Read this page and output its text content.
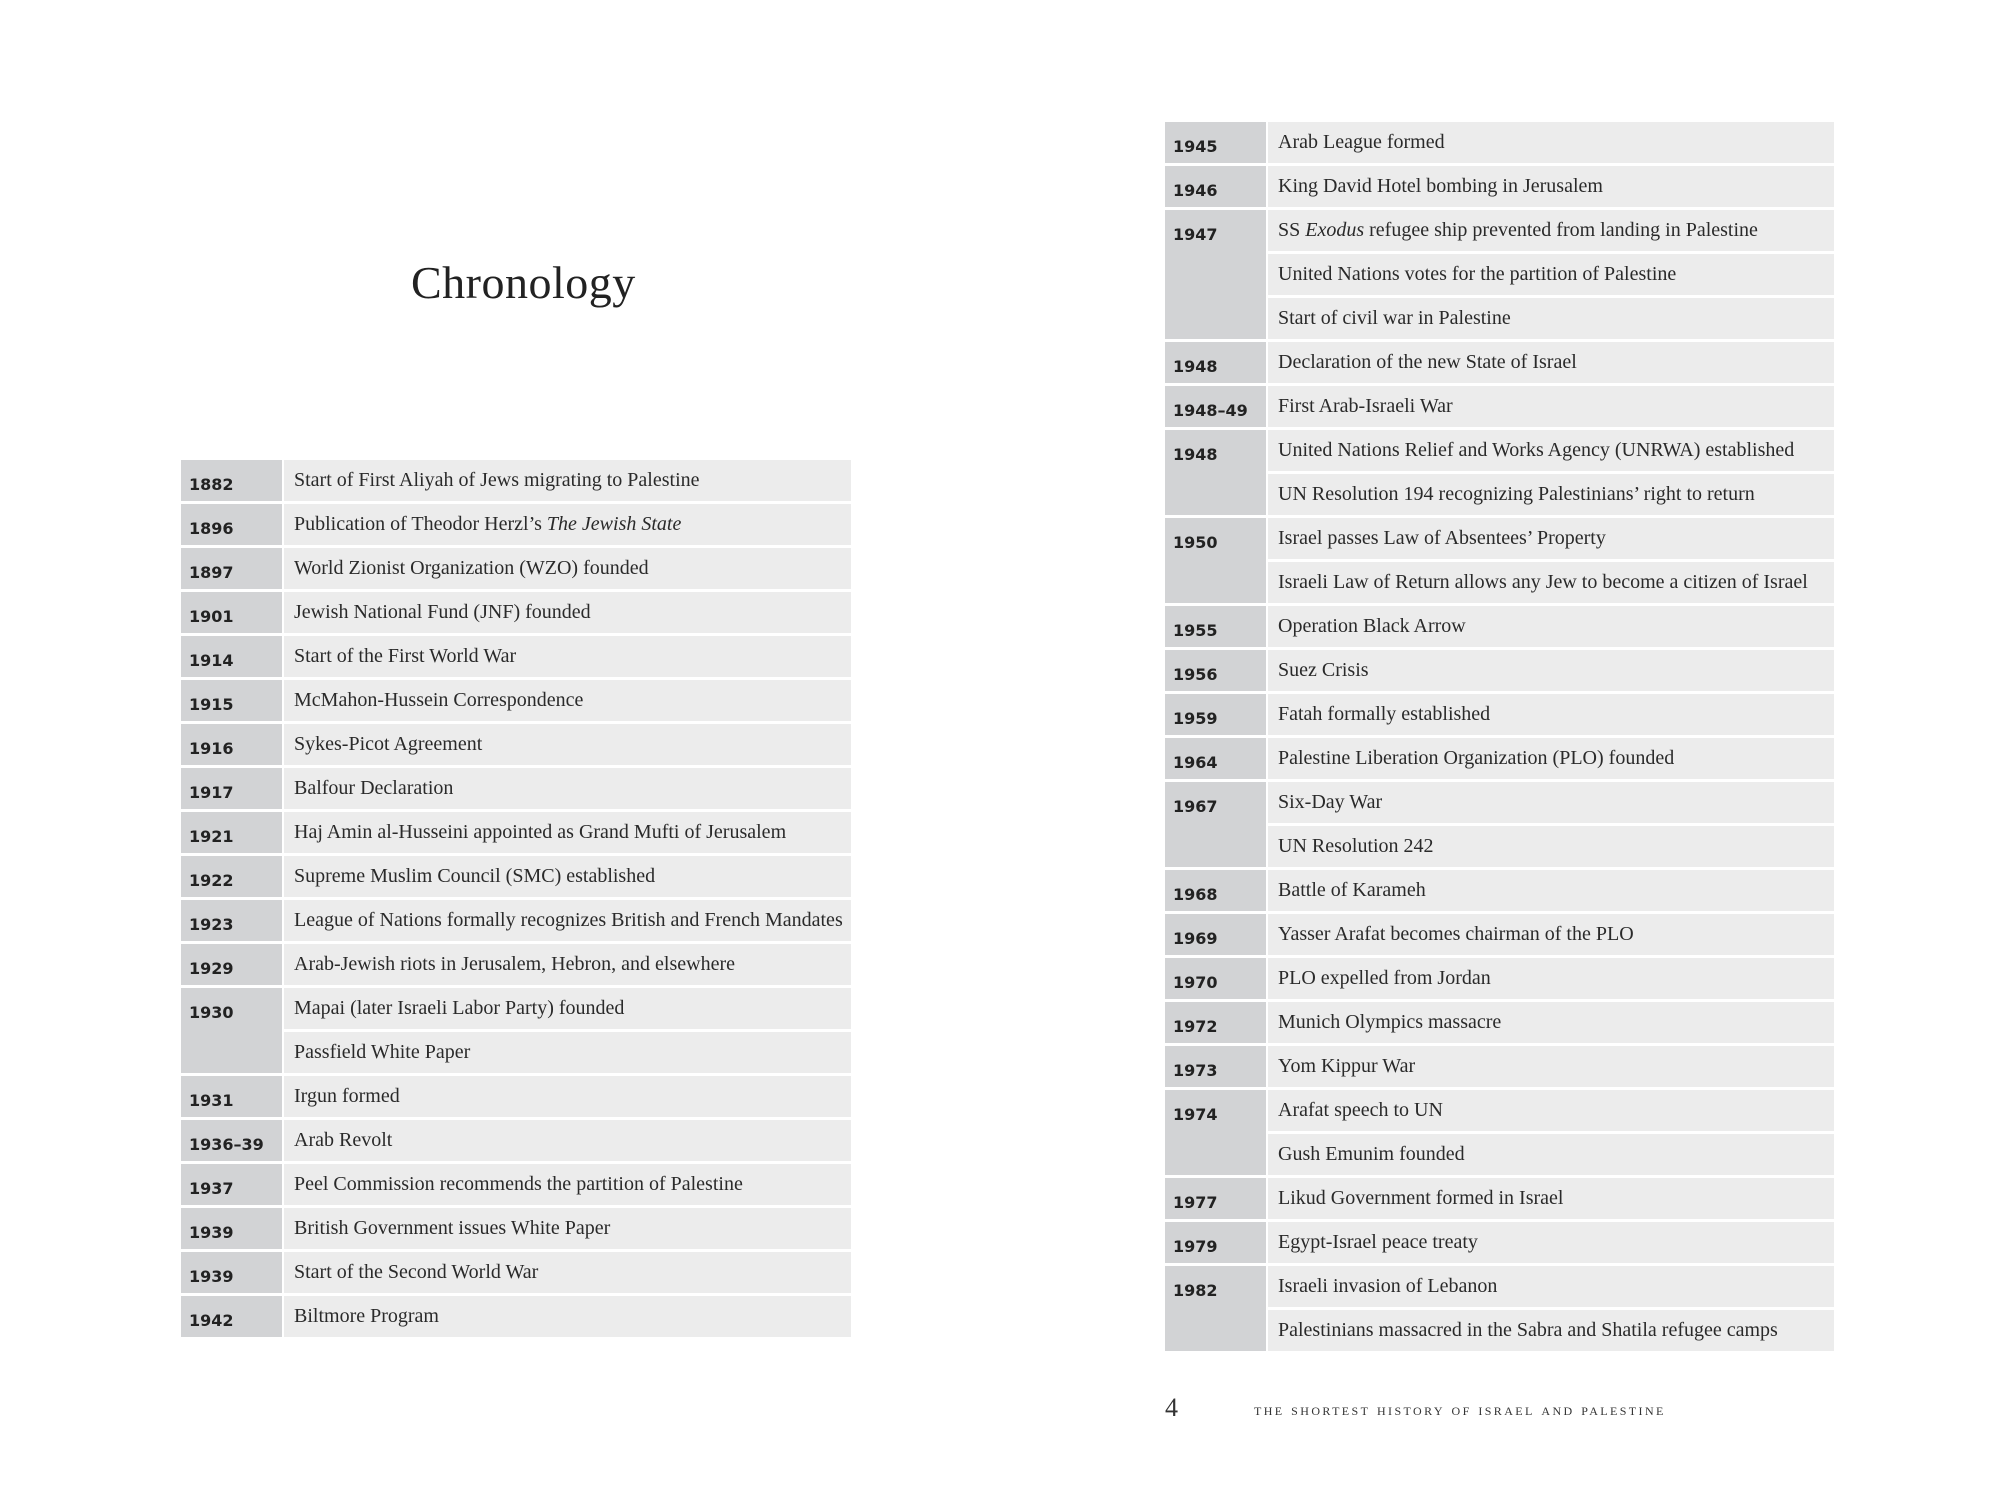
Chronology
1882	Start of First Aliyah of Jews migrating to Palestine
1896	Publication of Theodor Herzl’s The Jewish State
1897	World Zionist Organization (WZO) founded
1901	Jewish National Fund (JNF) founded
1914	Start of the First World War
1915	McMahon-Hussein Correspondence
1916	Sykes-Picot Agreement
1917	Balfour Declaration
1921	Haj Amin al-Husseini appointed as Grand Mufti of Jerusalem
1922	Supreme Muslim Council (SMC) established
1923	League of Nations formally recognizes British and French Mandates
1929	Arab-Jewish riots in Jerusalem, Hebron, and elsewhere
1930	Mapai (later Israeli Labor Party) founded
Passfield White Paper
1931	Irgun formed
1936–39	Arab Revolt
1937	Peel Commission recommends the partition of Palestine
1939	British Government issues White Paper
1939	Start of the Second World War
1942	Biltmore Program
1945	Arab League formed
1946	King David Hotel bombing in Jerusalem
1947	SS Exodus refugee ship prevented from landing in Palestine
United Nations votes for the partition of Palestine
Start of civil war in Palestine
1948	Declaration of the new State of Israel
1948–49	First Arab-Israeli War
1948	United Nations Relief and Works Agency (UNRWA) established
UN Resolution 194 recognizing Palestinians’ right to return
1950	Israel passes Law of Absentees’ Property
Israeli Law of Return allows any Jew to become a citizen of Israel
1955	Operation Black Arrow
1956	Suez Crisis
1959	Fatah formally established
1964	Palestine Liberation Organization (PLO) founded
1967	Six-Day War
UN Resolution 242
1968	Battle of Karameh
1969	Yasser Arafat becomes chairman of the PLO
1970	PLO expelled from Jordan
1972	Munich Olympics massacre
1973	Yom Kippur War
1974	Arafat speech to UN
Gush Emunim founded
1977	Likud Government formed in Israel
1979	Egypt-Israel peace treaty
1982	Israeli invasion of Lebanon
Palestinians massacred in the Sabra and Shatila refugee camps
4	the shortest history of israel and palestine
